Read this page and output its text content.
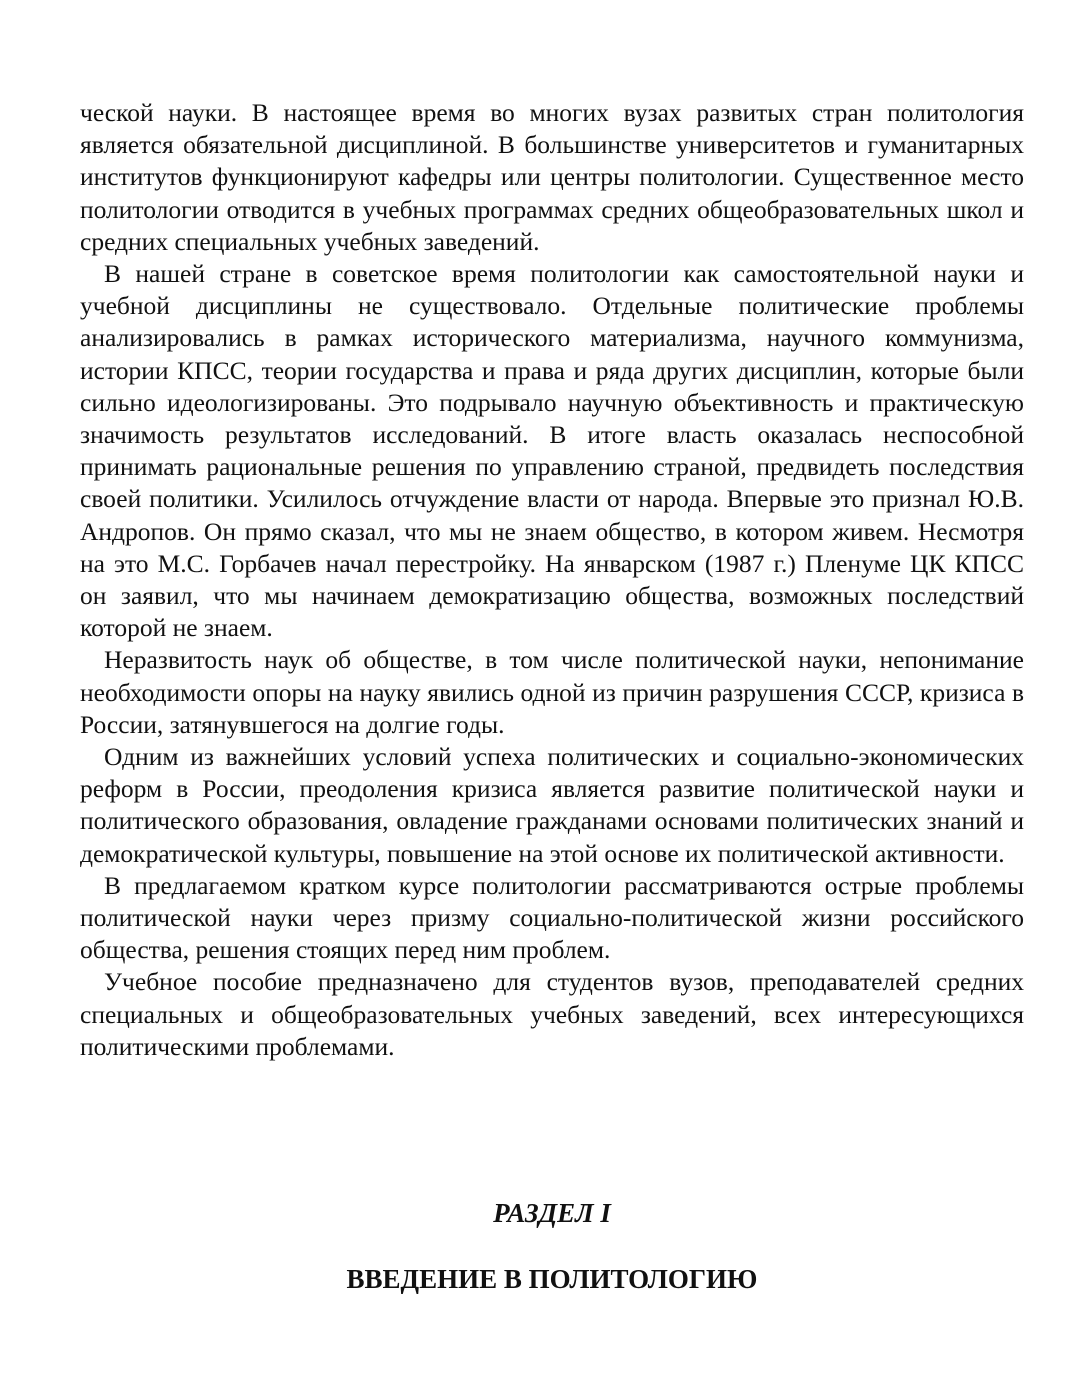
ческой науки. В настоящее время во многих вузах развитых стран политология является обязательной дисциплиной. В большинстве университетов и гуманитарных институтов функционируют кафедры или центры политологии. Существенное место политологии отводится в учебных программах средних общеобразовательных школ и средних специальных учебных заведений.

В нашей стране в советское время политологии как самостоятельной науки и учебной дисциплины не существовало. Отдельные политические проблемы анализировались в рамках исторического материализма, научного коммунизма, истории КПСС, теории государства и права и ряда других дисциплин, которые были сильно идеологизированы. Это подрывало научную объективность и практическую значимость результатов исследований. В итоге власть оказалась неспособной принимать рациональные решения по управлению страной, предвидеть последствия своей политики. Усилилось отчуждение власти от народа. Впервые это признал Ю.В. Андропов. Он прямо сказал, что мы не знаем общество, в котором живем. Несмотря на это М.С. Горбачев начал перестройку. На январском (1987 г.) Пленуме ЦК КПСС он заявил, что мы начинаем демократизацию общества, возможных последствий которой не знаем.

Неразвитость наук об обществе, в том числе политической науки, непонимание необходимости опоры на науку явились одной из причин разрушения СССР, кризиса в России, затянувшегося на долгие годы.

Одним из важнейших условий успеха политических и социально-экономических реформ в России, преодоления кризиса является развитие политической науки и политического образования, овладение гражданами основами политических знаний и демократической культуры, повышение на этой основе их политической активности.

В предлагаемом кратком курсе политологии рассматриваются острые проблемы политической науки через призму социально-политической жизни российского общества, решения стоящих перед ним проблем.

Учебное пособие предназначено для студентов вузов, преподавателей средних специальных и общеобразовательных учебных заведений, всех интересующихся политическими проблемами.

РАЗДЕЛ I
ВВЕДЕНИЕ В ПОЛИТОЛОГИЮ
